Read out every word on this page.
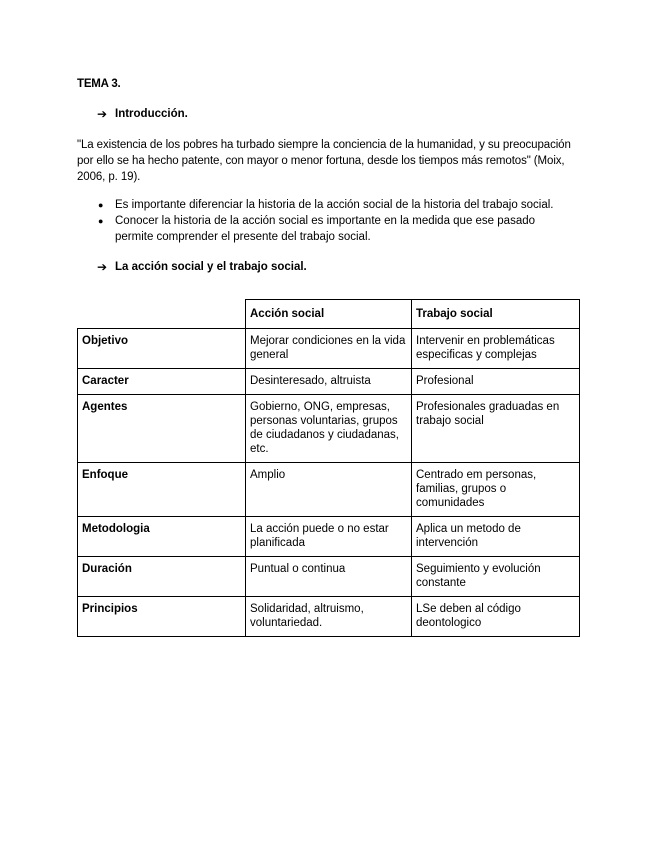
TEMA 3.
➔ Introducción.
"La existencia de los pobres ha turbado siempre la conciencia de la humanidad, y su preocupación por ello se ha hecho patente, con mayor o menor fortuna, desde los tiempos más remotos" (Moix, 2006, p. 19).
● Es importante diferenciar la historia de la acción social de la historia del trabajo social.
● Conocer la historia de la acción social es importante en la medida que ese pasado permite comprender el presente del trabajo social.
➔ La acción social y el trabajo social.
	Acción social	Trabajo social
Objetivo	Mejorar condiciones en la vida general	Intervenir en problemáticas especificas y complejas
Caracter	Desinteresado, altruista	Profesional
Agentes	Gobierno, ONG, empresas, personas voluntarias, grupos de ciudadanos y ciudadanas, etc.	Profesionales graduadas en trabajo social
Enfoque	Amplio	Centrado em personas, familias, grupos o comunidades
Metodologia	La acción puede o no estar planificada	Aplica un metodo de intervención
Duración	Puntual o continua	Seguimiento y evolución constante
Principios	Solidaridad, altruismo, voluntariedad.	LSe deben al código deontologico
